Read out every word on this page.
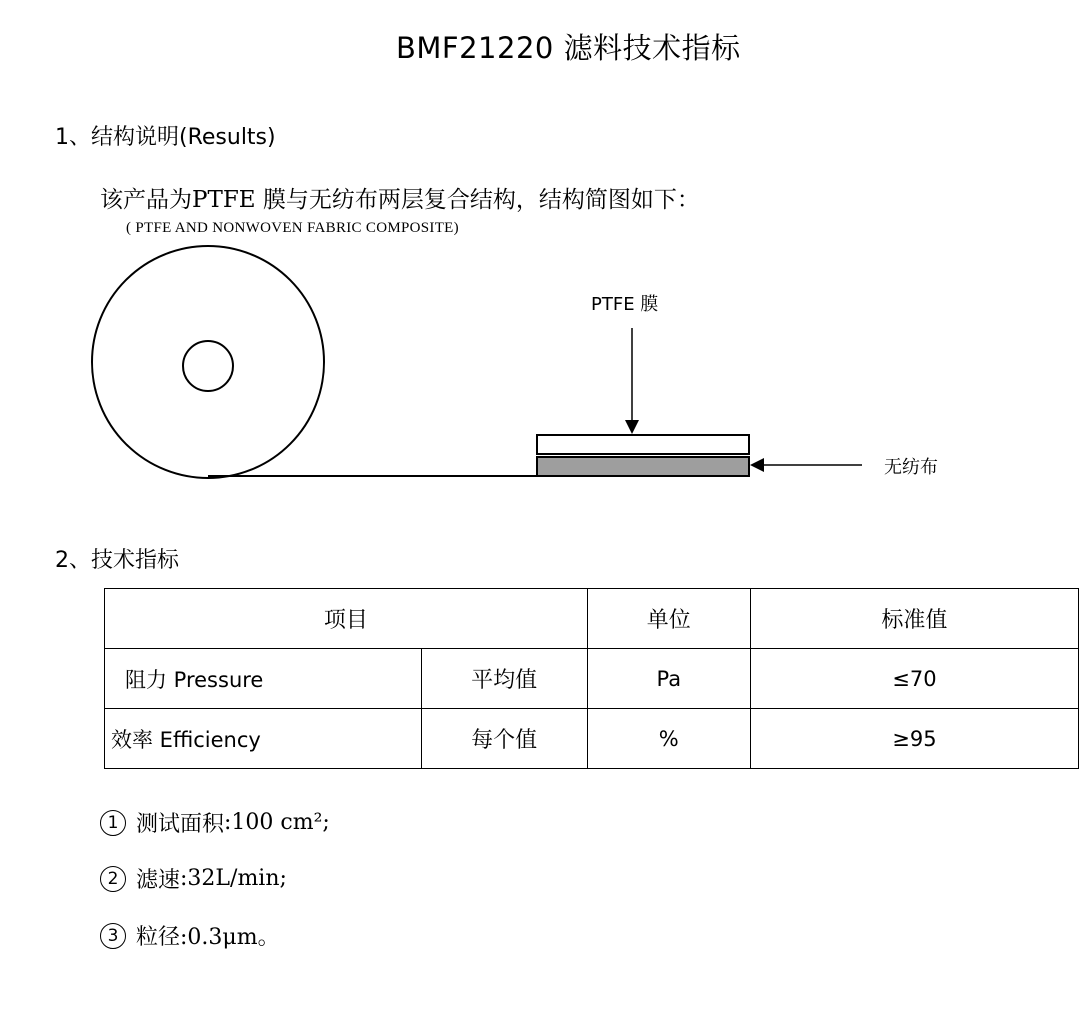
BMF21220 滤料技术指标
1、结构说明(Results)
该产品为PTFE 膜与无纺布两层复合结构，结构简图如下：
( PTFE AND NONWOVEN FABRIC COMPOSITE)
PTFE 膜
无纺布
2、技术指标
项目		单位	标准值
阻力 Pressure	平均值	Pa	≤70
效率 Efficiency	每个值	%	≥95
1 测试面积 :100 cm²;
2 滤速 :32L/min;
3 粒径 :0.3μm。
